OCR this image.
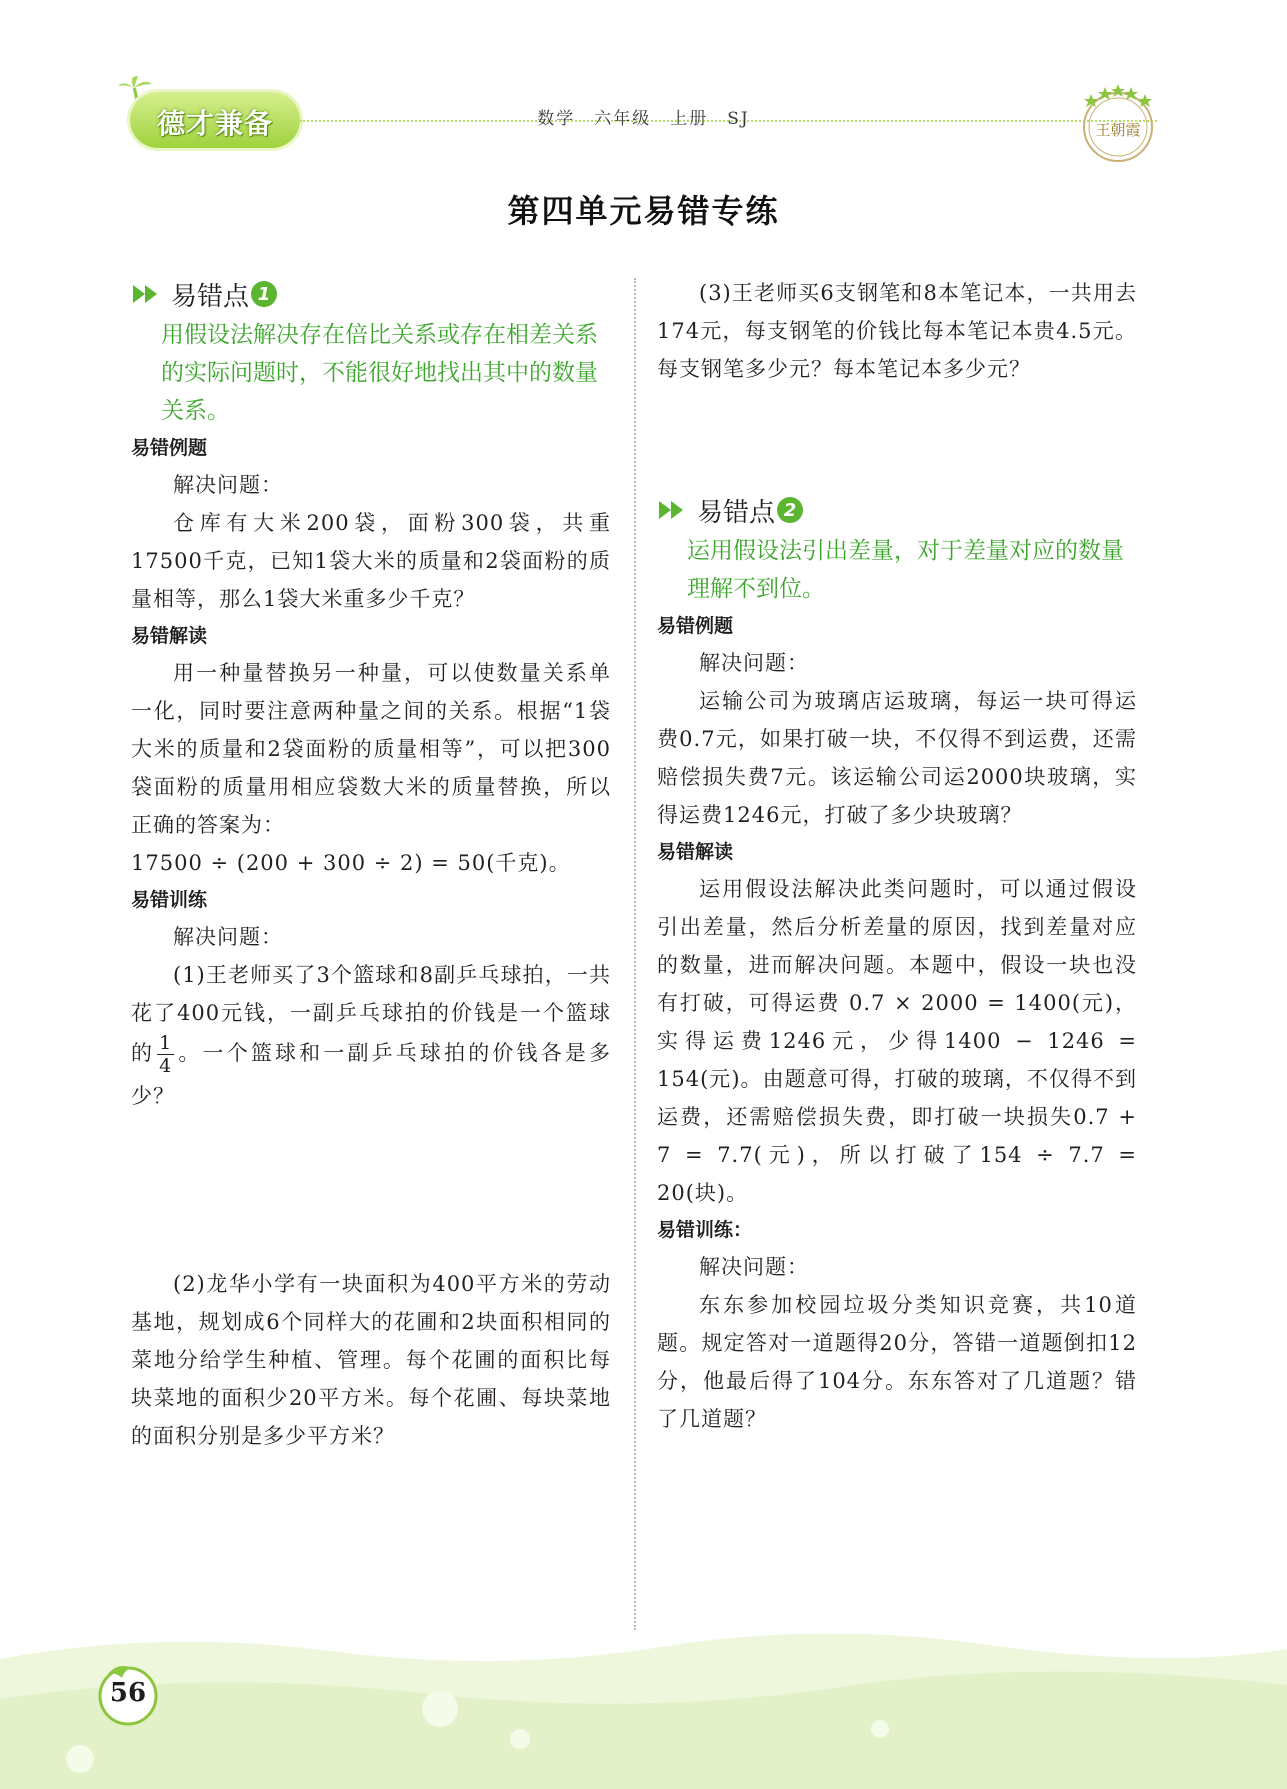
德才兼备	数学　六年级　上册　SJ
王朝霞
第四单元易错专练
易错点 1

用假设法解决存在倍比关系或存在相差关系的实际问题时，不能很好地找出其中的数量关系。

易错例题

解决问题：

仓库有大米200袋，面粉300袋，共重17500千克，已知1袋大米的质量和2袋面粉的质量相等，那么1袋大米重多少千克？

易错解读

用一种量替换另一种量，可以使数量关系单一化，同时要注意两种量之间的关系。根据“1袋大米的质量和2袋面粉的质量相等”，可以把300袋面粉的质量用相应袋数大米的质量替换，所以正确的答案为：

17500 ÷ (200 + 300 ÷ 2) = 50(千克)。

易错训练

解决问题：

(1)王老师买了3个篮球和8副乒乓球拍，一共花了400元钱，一副乒乓球拍的价钱是一个篮球的 $\frac{1}{4}$ 。一个篮球和一副乒乓球拍的价钱各是多少？

(2)龙华小学有一块面积为400平方米的劳动基地，规划成6个同样大的花圃和2块面积相同的菜地分给学生种植、管理。每个花圃的面积比每块菜地的面积少20平方米。每个花圃、每块菜地的面积分别是多少平方米？

(3)王老师买6支钢笔和8本笔记本，一共用去174元，每支钢笔的价钱比每本笔记本贵4.5元。每支钢笔多少元？每本笔记本多少元？

易错点 2

运用假设法引出差量，对于差量对应的数量理解不到位。

易错例题

解决问题：

运输公司为玻璃店运玻璃，每运一块可得运费0.7元，如果打破一块，不仅得不到运费，还需赔偿损失费7元。该运输公司运2000块玻璃，实得运费1246元，打破了多少块玻璃？

易错解读

运用假设法解决此类问题时，可以通过假设引出差量，然后分析差量的原因，找到差量对应的数量，进而解决问题。本题中，假设一块也没有打破，可得运费 0.7 × 2000 = 1400(元)，实得运费1246元，少得1400 − 1246 = 154(元)。由题意可得，打破的玻璃，不仅得不到运费，还需赔偿损失费，即打破一块损失0.7 + 7 = 7.7(元)，所以打破了154 ÷ 7.7 = 20(块)。

易错训练：

解决问题：

东东参加校园垃圾分类知识竞赛，共10道题。规定答对一道题得20分，答错一道题倒扣12分，他最后得了104分。东东答对了几道题？错了几道题？

56
